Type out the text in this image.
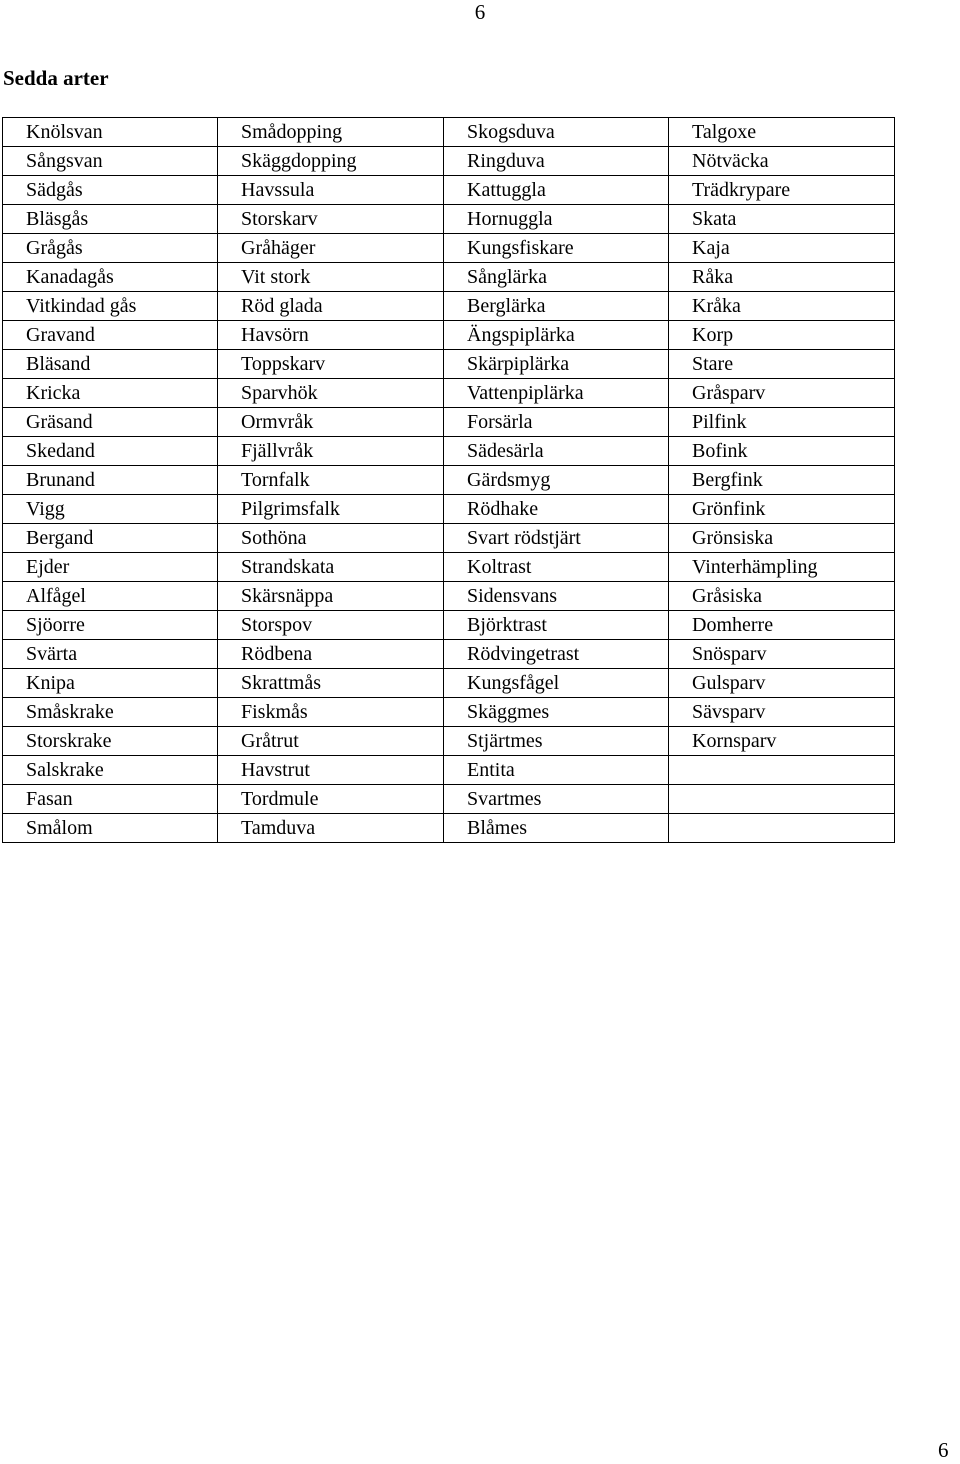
6
Sedda arter
Knölsvan	Smådopping	Skogsduva	Talgoxe
Sångsvan	Skäggdopping	Ringduva	Nötväcka
Sädgås	Havssula	Kattuggla	Trädkrypare
Bläsgås	Storskarv	Hornuggla	Skata
Grågås	Gråhäger	Kungsfiskare	Kaja
Kanadagås	Vit stork	Sånglärka	Råka
Vitkindad gås	Röd glada	Berglärka	Kråka
Gravand	Havsörn	Ängspiplärka	Korp
Bläsand	Toppskarv	Skärpiplärka	Stare
Kricka	Sparvhök	Vattenpiplärka	Gråsparv
Gräsand	Ormvråk	Forsärla	Pilfink
Skedand	Fjällvråk	Sädesärla	Bofink
Brunand	Tornfalk	Gärdsmyg	Bergfink
Vigg	Pilgrimsfalk	Rödhake	Grönfink
Bergand	Sothöna	Svart rödstjärt	Grönsiska
Ejder	Strandskata	Koltrast	Vinterhämpling
Alfågel	Skärsnäppa	Sidensvans	Gråsiska
Sjöorre	Storspov	Björktrast	Domherre
Svärta	Rödbena	Rödvingetrast	Snösparv
Knipa	Skrattmås	Kungsfågel	Gulsparv
Småskrake	Fiskmås	Skäggmes	Sävsparv
Storskrake	Gråtrut	Stjärtmes	Kornsparv
Salskrake	Havstrut	Entita	
Fasan	Tordmule	Svartmes	
Smålom	Tamduva	Blåmes	
6
